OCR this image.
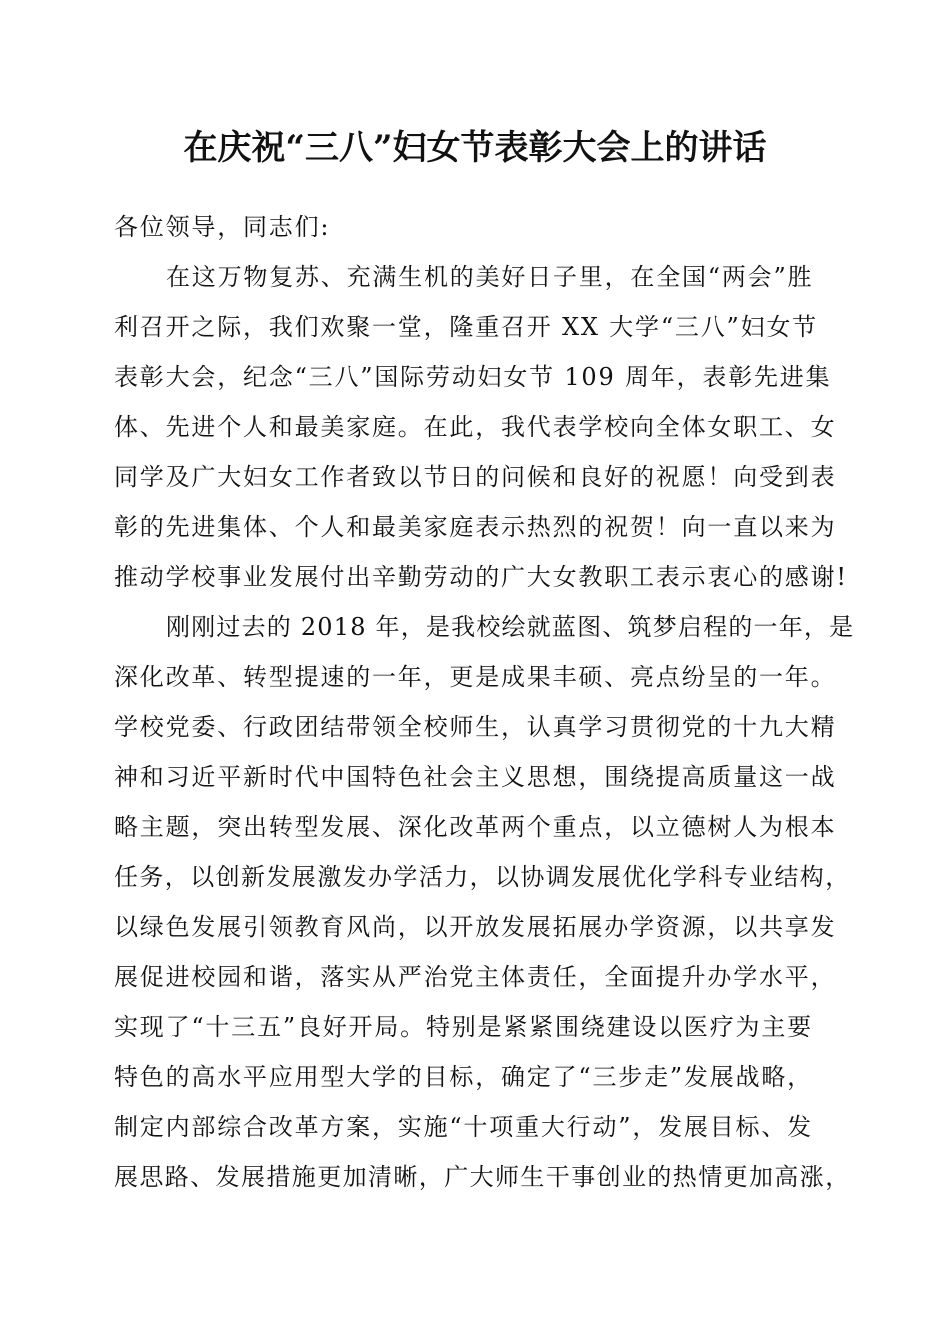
在庆祝“三八”妇女节表彰大会上的讲话
各位领导，同志们:
在这万物复苏、充满生机的美好日子里，在全国“两会”胜
利召开之际，我们欢聚一堂，隆重召开 XX 大学“三八”妇女节
表彰大会，纪念“三八”国际劳动妇女节 109 周年，表彰先进集
体、先进个人和最美家庭。在此，我代表学校向全体女职工、女
同学及广大妇女工作者致以节日的问候和良好的祝愿！向受到表
彰的先进集体、个人和最美家庭表示热烈的祝贺！向一直以来为
推动学校事业发展付出辛勤劳动的广大女教职工表示衷心的感谢!
刚刚过去的 2018 年，是我校绘就蓝图、筑梦启程的一年，是
深化改革、转型提速的一年，更是成果丰硕、亮点纷呈的一年。
学校党委、行政团结带领全校师生，认真学习贯彻党的十九大精
神和习近平新时代中国特色社会主义思想，围绕提高质量这一战
略主题，突出转型发展、深化改革两个重点，以立德树人为根本
任务，以创新发展激发办学活力，以协调发展优化学科专业结构，
以绿色发展引领教育风尚，以开放发展拓展办学资源，以共享发
展促进校园和谐，落实从严治党主体责任，全面提升办学水平，
实现了“十三五”良好开局。特别是紧紧围绕建设以医疗为主要
特色的高水平应用型大学的目标，确定了“三步走”发展战略，
制定内部综合改革方案，实施“十项重大行动”，发展目标、发
展思路、发展措施更加清晰，广大师生干事创业的热情更加高涨，
